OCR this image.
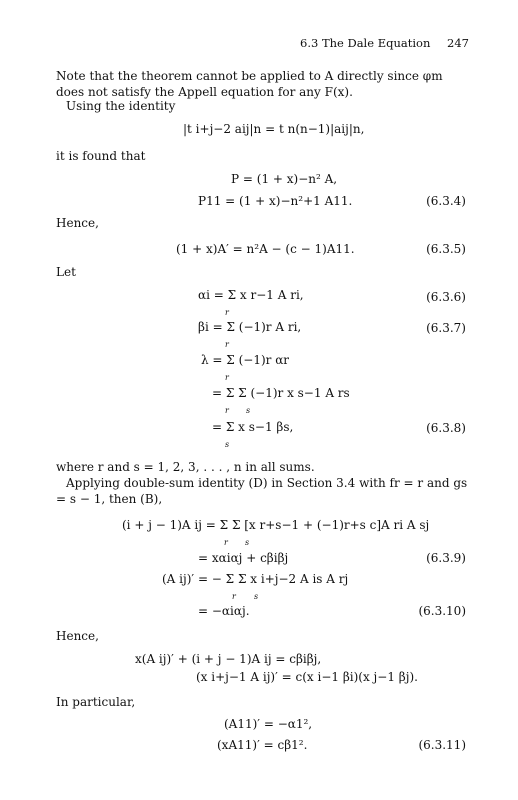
6.3 The Dale Equation 247
Note that the theorem cannot be applied to A directly since φm does not satisfy the Appell equation for any F(x).
Using the identity
|t i+j−2 aij|n = t n(n−1)|aij|n,
it is found that
P = (1 + x)−n² A,
P11 = (1 + x)−n²+1 A11.	(6.3.4)
Hence,
(1 + x)A′ = n²A − (c − 1)A11.	(6.3.5)
Let
αi = Σ x r−1 A ri,
r
(6.3.6)
βi = Σ (−1)r A ri,
r
(6.3.7)
λ = Σ (−1)r αr
r
= Σ Σ (−1)r x s−1 A rs
r s
= Σ x s−1 βs,
s
(6.3.8)
where r and s = 1, 2, 3, . . . , n in all sums.
Applying double-sum identity (D) in Section 3.4 with fr = r and gs = s − 1, then (B),
(i + j − 1)A ij = Σ Σ [x r+s−1 + (−1)r+s c]A ri A sj
r s
= xαiαj + cβiβj	(6.3.9)
(A ij)′ = − Σ Σ x i+j−2 A is A rj
r s
= −αiαj.	(6.3.10)
Hence,
x(A ij)′ + (i + j − 1)A ij = cβiβj,
(x i+j−1 A ij)′ = c(x i−1 βi)(x j−1 βj).
In particular,
(A11)′ = −α1²,
(xA11)′ = cβ1².	(6.3.11)
